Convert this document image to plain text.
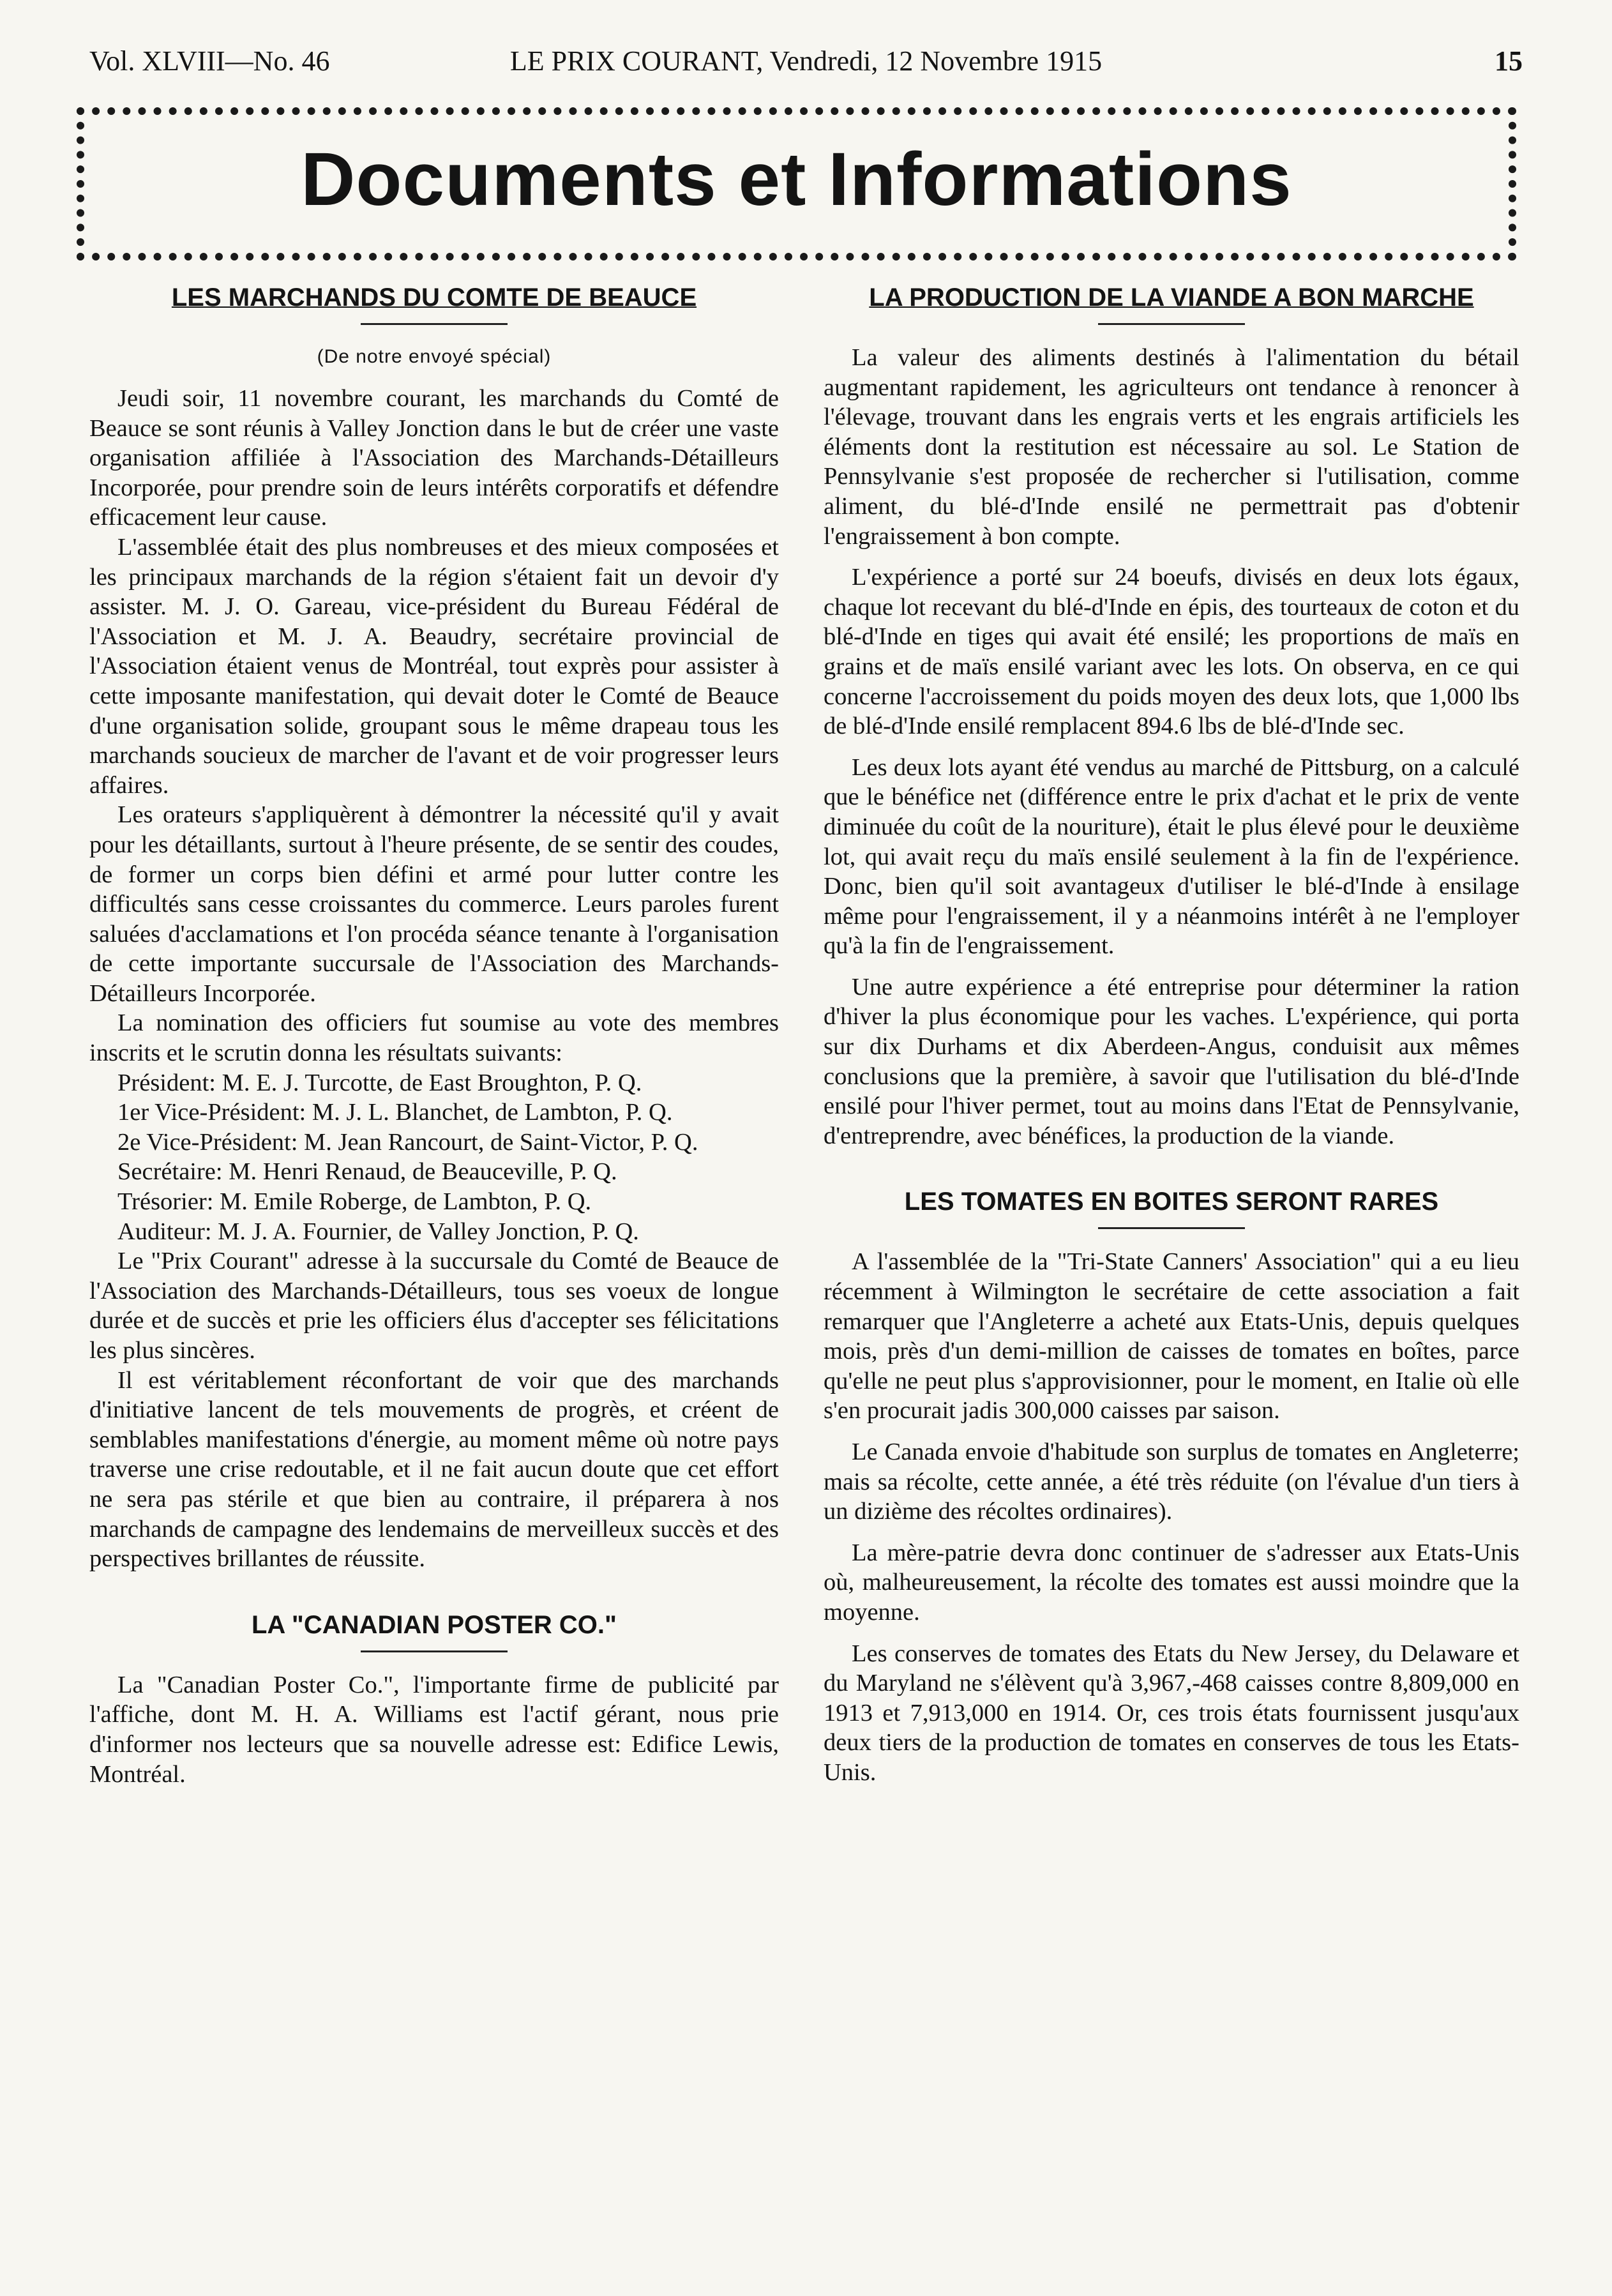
Vol. XLVIII—No. 46	LE PRIX COURANT, Vendredi, 12 Novembre 1915	15
Documents et Informations
LES MARCHANDS DU COMTE DE BEAUCE
(De notre envoyé spécial)

Jeudi soir, 11 novembre courant, les marchands du Comté de Beauce se sont réunis à Valley Jonction dans le but de créer une vaste organisation affiliée à l'Association des Marchands-Détailleurs Incorporée, pour prendre soin de leurs intérêts corporatifs et défendre efficacement leur cause.

L'assemblée était des plus nombreuses et des mieux composées et les principaux marchands de la région s'étaient fait un devoir d'y assister. M. J. O. Gareau, vice-président du Bureau Fédéral de l'Association et M. J. A. Beaudry, secrétaire provincial de l'Association étaient venus de Montréal, tout exprès pour assister à cette imposante manifestation, qui devait doter le Comté de Beauce d'une organisation solide, groupant sous le même drapeau tous les marchands soucieux de marcher de l'avant et de voir progresser leurs affaires.

Les orateurs s'appliquèrent à démontrer la nécessité qu'il y avait pour les détaillants, surtout à l'heure présente, de se sentir des coudes, de former un corps bien défini et armé pour lutter contre les difficultés sans cesse croissantes du commerce. Leurs paroles furent saluées d'acclamations et l'on procéda séance tenante à l'organisation de cette importante succursale de l'Association des Marchands-Détailleurs Incorporée.

La nomination des officiers fut soumise au vote des membres inscrits et le scrutin donna les résultats suivants:

Président: M. E. J. Turcotte, de East Broughton, P. Q.

1er Vice-Président: M. J. L. Blanchet, de Lambton, P. Q.

2e Vice-Président: M. Jean Rancourt, de Saint-Victor, P. Q.

Secrétaire: M. Henri Renaud, de Beauceville, P. Q.

Trésorier: M. Emile Roberge, de Lambton, P. Q.

Auditeur: M. J. A. Fournier, de Valley Jonction, P. Q.

Le "Prix Courant" adresse à la succursale du Comté de Beauce de l'Association des Marchands-Détailleurs, tous ses voeux de longue durée et de succès et prie les officiers élus d'accepter ses félicitations les plus sincères.

Il est véritablement réconfortant de voir que des marchands d'initiative lancent de tels mouvements de progrès, et créent de semblables manifestations d'énergie, au moment même où notre pays traverse une crise redoutable, et il ne fait aucun doute que cet effort ne sera pas stérile et que bien au contraire, il préparera à nos marchands de campagne des lendemains de merveilleux succès et des perspectives brillantes de réussite.

LA "CANADIAN POSTER CO."

La "Canadian Poster Co.", l'importante firme de publicité par l'affiche, dont M. H. A. Williams est l'actif gérant, nous prie d'informer nos lecteurs que sa nouvelle adresse est: Edifice Lewis, Montréal.

LA PRODUCTION DE LA VIANDE A BON MARCHE

La valeur des aliments destinés à l'alimentation du bétail augmentant rapidement, les agriculteurs ont tendance à renoncer à l'élevage, trouvant dans les engrais verts et les engrais artificiels les éléments dont la restitution est nécessaire au sol. Le Station de Pennsylvanie s'est proposée de rechercher si l'utilisation, comme aliment, du blé-d'Inde ensilé ne permettrait pas d'obtenir l'engraissement à bon compte.

L'expérience a porté sur 24 boeufs, divisés en deux lots égaux, chaque lot recevant du blé-d'Inde en épis, des tourteaux de coton et du blé-d'Inde en tiges qui avait été ensilé; les proportions de maïs en grains et de maïs ensilé variant avec les lots. On observa, en ce qui concerne l'accroissement du poids moyen des deux lots, que 1,000 lbs de blé-d'Inde ensilé remplacent 894.6 lbs de blé-d'Inde sec.

Les deux lots ayant été vendus au marché de Pittsburg, on a calculé que le bénéfice net (différence entre le prix d'achat et le prix de vente diminuée du coût de la nouriture), était le plus élevé pour le deuxième lot, qui avait reçu du maïs ensilé seulement à la fin de l'expérience. Donc, bien qu'il soit avantageux d'utiliser le blé-d'Inde à ensilage même pour l'engraissement, il y a néanmoins intérêt à ne l'employer qu'à la fin de l'engraissement.

Une autre expérience a été entreprise pour déterminer la ration d'hiver la plus économique pour les vaches. L'expérience, qui porta sur dix Durhams et dix Aberdeen-Angus, conduisit aux mêmes conclusions que la première, à savoir que l'utilisation du blé-d'Inde ensilé pour l'hiver permet, tout au moins dans l'Etat de Pennsylvanie, d'entreprendre, avec bénéfices, la production de la viande.

LES TOMATES EN BOITES SERONT RARES

A l'assemblée de la "Tri-State Canners' Association" qui a eu lieu récemment à Wilmington le secrétaire de cette association a fait remarquer que l'Angleterre a acheté aux Etats-Unis, depuis quelques mois, près d'un demi-million de caisses de tomates en boîtes, parce qu'elle ne peut plus s'approvisionner, pour le moment, en Italie où elle s'en procurait jadis 300,000 caisses par saison.

Le Canada envoie d'habitude son surplus de tomates en Angleterre; mais sa récolte, cette année, a été très réduite (on l'évalue d'un tiers à un dizième des récoltes ordinaires).

La mère-patrie devra donc continuer de s'adresser aux Etats-Unis où, malheureusement, la récolte des tomates est aussi moindre que la moyenne.

Les conserves de tomates des Etats du New Jersey, du Delaware et du Maryland ne s'élèvent qu'à 3,967,-468 caisses contre 8,809,000 en 1913 et 7,913,000 en 1914. Or, ces trois états fournissent jusqu'aux deux tiers de la production de tomates en conserves de tous les Etats-Unis.
